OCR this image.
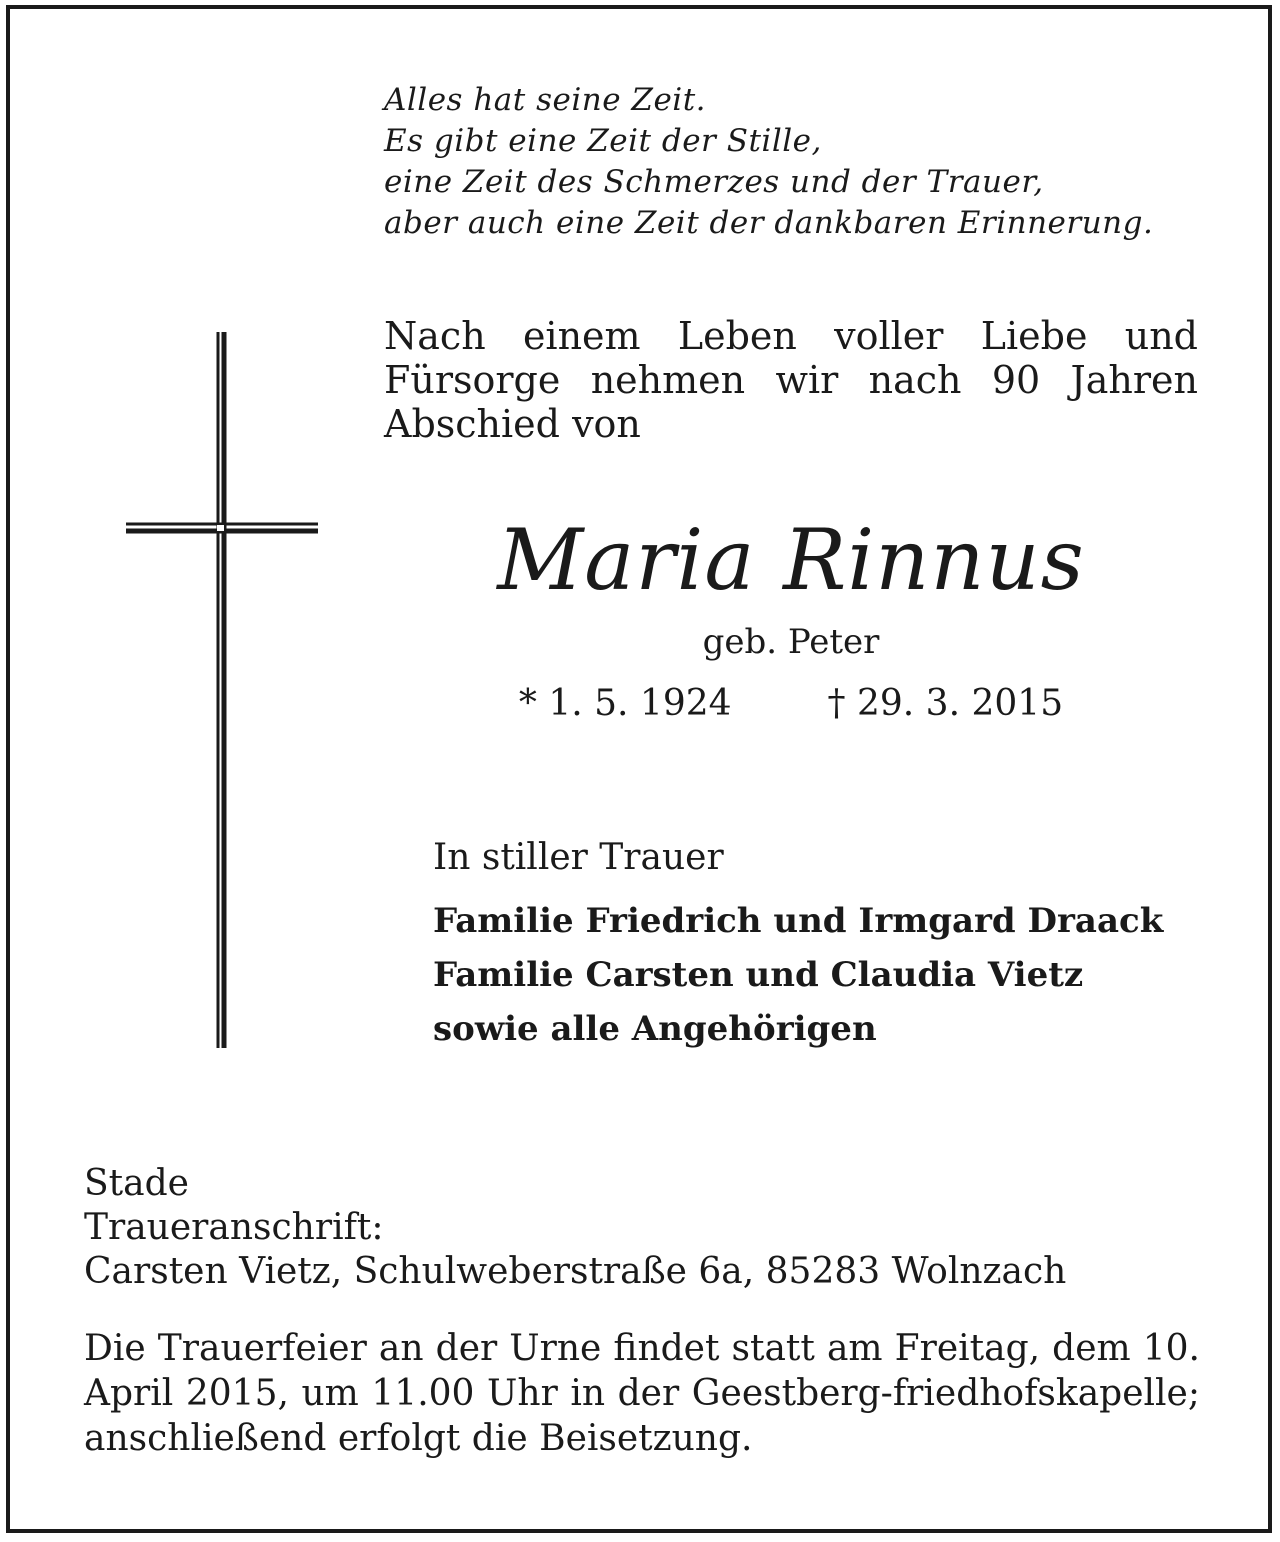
Alles hat seine Zeit.
Es gibt eine Zeit der Stille,
eine Zeit des Schmerzes und der Trauer,
aber auch eine Zeit der dankbaren Erinnerung.
Nach einem Leben voller Liebe und Fürsorge nehmen wir nach 90 Jahren Abschied von
Maria Rinnus
geb. Peter
* 1. 5. 1924	† 29. 3. 2015
In stiller Trauer
Familie Friedrich und Irmgard Draack
Familie Carsten und Claudia Vietz
sowie alle Angehörigen
Stade
Traueranschrift:
Carsten Vietz, Schulweberstraße 6a, 85283 Wolnzach
Die Trauerfeier an der Urne findet statt am Freitag, dem 10. April 2015, um 11.00 Uhr in der Geestberg-friedhofskapelle; anschließend erfolgt die Beisetzung.
